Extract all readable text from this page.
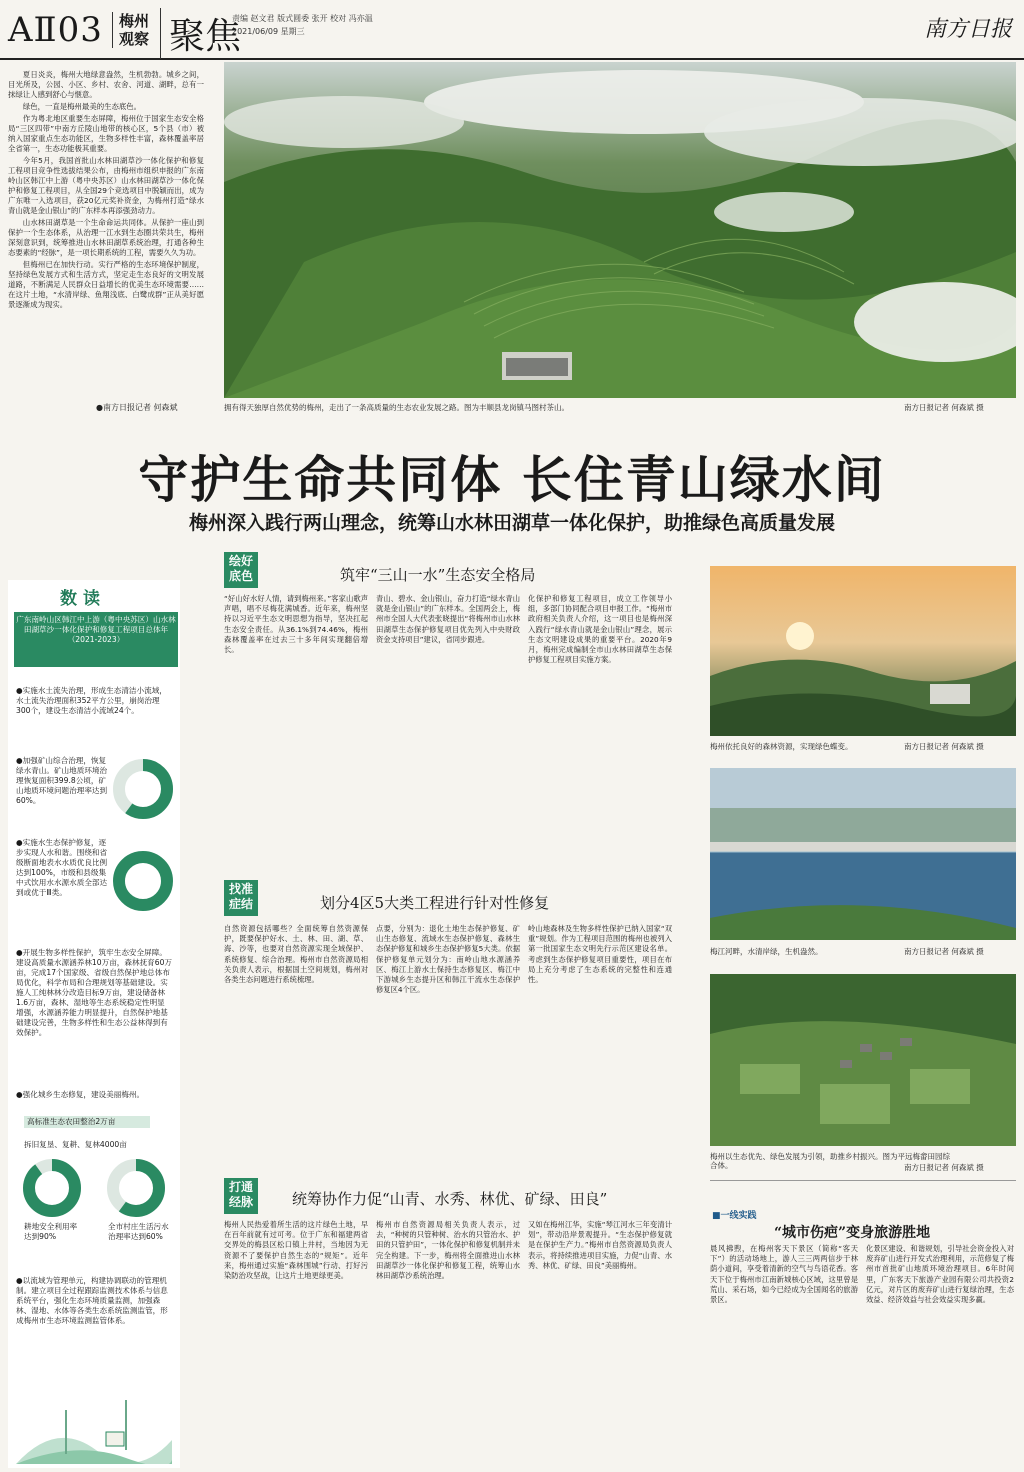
AⅡ03 梅州
观察 聚焦
责编 赵文君 版式圆委 张开 校对 冯亦温
2021/06/09 星期三	南方日报

夏日炎炎，梅州大地绿意盎然，生机勃勃。城乡之间，目光所及，公园、小区、乡村、农舍、河道、湖畔，总有一抹绿让人感到舒心与惬意。

绿色，一直是梅州最美的生态底色。

作为粤北地区重要生态屏障，梅州位于国家生态安全格局“三区四带”中南方丘陵山地带的核心区，5个县（市）被纳入国家重点生态功能区，生物多样性丰富，森林覆盖率居全省第一，生态功能极其重要。

今年5月，我国首批山水林田湖草沙一体化保护和修复工程项目竞争性选拔结果公布，由梅州市组织申报的广东南岭山区韩江中上游（粤中央苏区）山水林田湖草沙一体化保护和修复工程项目，从全国29个竞选项目中脱颖而出，成为广东唯一入选项目，获20亿元奖补资金，为梅州打造“绿水青山就是金山银山”的广东样本再添强劲动力。

山水林田湖草是一个生命命运共同体。从保护一座山到保护一个生态体系，从治理一江水到生态圈共荣共生，梅州深刻意识到，统筹推进山水林田湖草系统治理，打通各种生态要素的“经脉”，是一项长期系统的工程，需要久久为功。

但梅州已在加快行动。实行严格的生态环境保护制度，坚持绿色发展方式和生活方式，坚定走生态良好的文明发展道路，不断满足人民群众日益增长的优美生态环境需要……在这片土地，“水清岸绿、鱼翔浅底、白鹭成群”正从美好愿景逐渐成为现实。

●南方日报记者 何森斌	拥有得天独厚自然优势的梅州，走出了一条高质量的生态农业发展之路。图为丰顺县龙岗镇马图村茶山。	南方日报记者 何森斌 摄
守护生命共同体 长住青山绿水间
梅州深入践行两山理念，统筹山水林田湖草一体化保护，助推绿色高质量发展
数读
广东南岭山区韩江中上游（粤中央苏区）山水林田湖草沙一体化保护和修复工程项目总体年（2021-2023）
●实施水土流失治理，形成生态清洁小流域，水土流失治理面积352平方公里，崩岗治理300个，建设生态清洁小流域24个。
●加强矿山综合治理，恢复绿水青山。矿山地质环境治理恢复面积399.8公顷，矿山地质环境问题治理率达到60%。
●实施水生态保护修复，逐步实现人水和谐。围绕和省级断面地表水水质优良比例达到100%，市级和县级集中式饮用水水源水质全部达到或优于Ⅲ类。
●开展生物多样性保护，筑牢生态安全屏障。建设高质量水源涵养林10万亩，森林抚育60万亩，完成17个国家级、省级自然保护地总体布局优化，科学布局和合理规划等基础建设。实施人工纯林林分改造目标9万亩，建设储备林1.6万亩，森林、湿地等生态系统稳定性明显增强，水源涵养能力明显提升，自然保护地基础建设完善，生物多样性和生态公益林得到有效保护。
●强化城乡生态修复，建设美丽梅州。
高标准生态农田整治2万亩
拆旧复垦、复耕、复林4000亩
耕地安全利用率达到90%
全市村庄生活污水治理率达到60%
●以流域为管理单元，构建协调联动的管理机制。建立项目全过程跟踪监测技术体系与信息系统平台，强化生态环境质量监测，加强森林、湿地、水体等各类生态系统监测监管，形成梅州市生态环境监测监管体系。
绘好底色	筑牢“三山一水”生态安全格局
“好山好水好人情，请到梅州来。”客家山歌声声唱，唱不尽梅花满城香。近年来，梅州坚持以习近平生态文明思想为指导，坚决扛起生态安全责任。从36.1%到74.46%，梅州森林覆盖率在过去三十多年间实现翻倍增长。
青山、碧水、金山银山，奋力打造“绿水青山就是金山银山”的广东样本。全国两会上，梅州市全国人大代表张晓提出“将梅州市山水林田湖草生态保护修复项目优先列入中央财政资金支持项目”建议，省同步跟进。
化保护和修复工程项目，成立工作领导小组，多部门协同配合项目申报工作。“梅州市政府相关负责人介绍，这一项目也是梅州深入践行“绿水青山就是金山银山”理念，展示生态文明建设成果的重要平台。2020年9月，梅州完成编制全市山水林田湖草生态保护修复工程项目实施方案。
找准症结	划分4区5大类工程进行针对性修复
自然资源包括哪些？全面统筹自然资源保护，既要保护好水、土、林、田、湖、草、海、沙等，也要对自然资源实现全域保护、系统修复、综合治理。梅州市自然资源局相关负责人表示，根据国土空间规划，梅州对各类生态问题进行系统梳理。
点要，分别为：退化土地生态保护修复、矿山生态修复、流域水生态保护修复、森林生态保护修复和城乡生态保护修复5大类。依据保护修复单元划分为：南岭山地水源涵养区、梅江上游水土保持生态修复区、梅江中下游城乡生态提升区和韩江干流水生态保护修复区4个区。
岭山地森林及生物多样性保护已纳入国家“双重”规划。作为工程项目范围的梅州也被列入第一批国家生态文明先行示范区建设名单。考虑到生态保护修复项目重要性，项目在布局上充分考虑了生态系统的完整性和连通性。
打通经脉	统筹协作力促“山青、水秀、林优、矿绿、田良”
梅州人民热爱着所生活的这片绿色土地，早在百年前就有过可考。位于广东和福建两省交界处的梅县区松口镇上井村，当地因为无资源不了要保护自然生态的“规矩”。近年来，梅州通过实施“森林围城”行动、打好污染防治攻坚战，让这片土地更绿更美。
梅州市自然资源局相关负责人表示，过去，“种树的只管种树、治水的只管治水、护田的只管护田”，一体化保护和修复机制并未完全构建。下一步，梅州将全面推进山水林田湖草沙一体化保护和修复工程，统筹山水林田湖草沙系统治理。
又如在梅州江华，实施“琴江河水三年变清计划”，带动沿岸景观提升。“生态保护修复就是在保护生产力。”梅州市自然资源局负责人表示，将持续推进项目实施，力促“山青、水秀、林优、矿绿、田良”美丽梅州。
梅州依托良好的森林资源，实现绿色蝶变。	南方日报记者 何森斌 摄
梅江河畔，水清岸绿，生机盎然。	南方日报记者 何森斌 摄
梅州以生态优先、绿色发展为引领，助推乡村振兴。图为平远梅畲田园综合体。	南方日报记者 何森斌 摄
■一线实践
“城市伤疤”变身旅游胜地
晨风拂煦，在梅州客天下景区（简称“客天下”）的活动场地上，游人三三两两信步于林荫小道间，享受着清新的空气与鸟语花香。客天下位于梅州市江南新城核心区域，这里曾是荒山、采石场，如今已经成为全国闻名的旅游景区。
化景区建设、和谐规划，引导社会资金投入对废弃矿山进行开发式治理利用，示范修复了梅州市首批矿山地质环境治理项目。6年时间里，广东客天下旅游产业园有限公司共投资2亿元，对片区的废弃矿山进行复绿治理，生态效益、经济效益与社会效益实现多赢。
